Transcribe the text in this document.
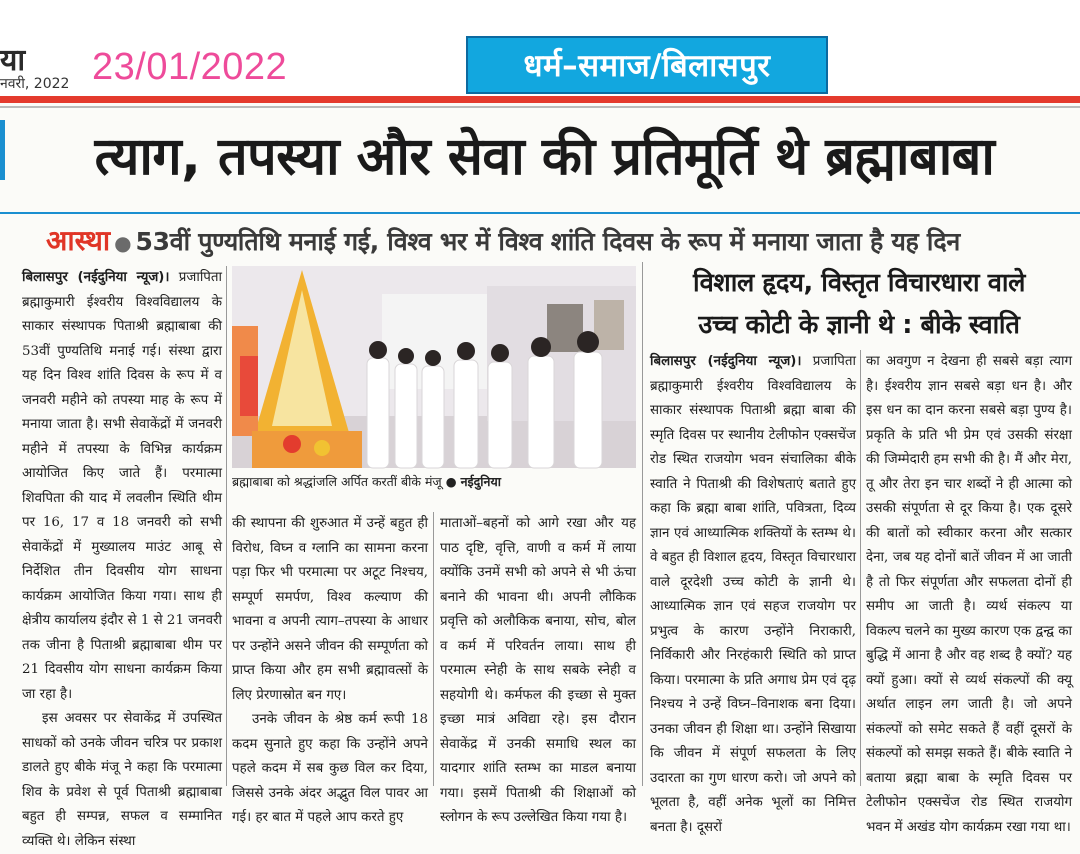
या
नवरी, 2022 23/01/2022	धर्म–समाज/बिलासपुर
त्याग, तपस्या और सेवा की प्रतिमूर्ति थे ब्रह्माबाबा
आस्था ● 53वीं पुण्यतिथि मनाई गई, विश्व भर में विश्व शांति दिवस के रूप में मनाया जाता है यह दिन

बिलासपुर (नईदुनिया न्यूज)। प्रजापिता ब्रह्माकुमारी ईश्वरीय विश्वविद्यालय के साकार संस्थापक पिताश्री ब्रह्माबाबा की 53वीं पुण्यतिथि मनाई गई। संस्था द्वारा यह दिन विश्व शांति दिवस के रूप में व जनवरी महीने को तपस्या माह के रूप में मनाया जाता है। सभी सेवाकेंद्रों में जनवरी महीने में तपस्या के विभिन्न कार्यक्रम आयोजित किए जाते हैं। परमात्मा शिवपिता की याद में लवलीन स्थिति थीम पर 16, 17 व 18 जनवरी को सभी सेवाकेंद्रों में मुख्यालय माउंट आबू से निर्देशित तीन दिवसीय योग साधना कार्यक्रम आयोजित किया गया। साथ ही क्षेत्रीय कार्यालय इंदौर से 1 से 21 जनवरी तक जीना है पिताश्री ब्रह्माबाबा थीम पर 21 दिवसीय योग साधना कार्यक्रम किया जा रहा है।

इस अवसर पर सेवाकेंद्र में उपस्थित साधकों को उनके जीवन चरित्र पर प्रकाश डालते हुए बीके मंजू ने कहा कि परमात्मा शिव के प्रवेश से पूर्व पिताश्री ब्रह्माबाबा बहुत ही सम्पन्न, सफल व सम्मानित व्यक्ति थे। लेकिन संस्था

ब्रह्माबाबा को श्रद्धांजलि अर्पित करतीं बीके मंजू ● नईदुनिया

की स्थापना की शुरुआत में उन्हें बहुत ही विरोध, विघ्न व ग्लानि का सामना करना पड़ा फिर भी परमात्मा पर अटूट निश्चय, सम्पूर्ण समर्पण, विश्व कल्याण की भावना व अपनी त्याग–तपस्या के आधार पर उन्होंने असने जीवन की सम्पूर्णता को प्राप्त किया और हम सभी ब्रह्मावत्सों के लिए प्रेरणास्रोत बन गए।

उनके जीवन के श्रेष्ठ कर्म रूपी 18 कदम सुनाते हुए कहा कि उन्होंने अपने पहले कदम में सब कुछ विल कर दिया, जिससे उनके अंदर अद्भुत विल पावर आ गई। हर बात में पहले आप करते हुए

माताओं–बहनों को आगे रखा और यह पाठ दृष्टि, वृत्ति, वाणी व कर्म में लाया क्योंकि उनमें सभी को अपने से भी ऊंचा बनाने की भावना थी। अपनी लौकिक प्रवृत्ति को अलौकिक बनाया, सोच, बोल व कर्म में परिवर्तन लाया। साथ ही परमात्म स्नेही के साथ सबके स्नेही व सहयोगी थे। कर्मफल की इच्छा से मुक्त इच्छा मात्रं अविद्या रहे। इस दौरान सेवाकेंद्र में उनकी समाधि स्थल का यादगार शांति स्तम्भ का माडल बनाया गया। इसमें पिताश्री की शिक्षाओं को स्लोगन के रूप उल्लेखित किया गया है।

विशाल हृदय, विस्तृत विचारधारा वाले
उच्च कोटी के ज्ञानी थे : बीके स्वाति

बिलासपुर (नईदुनिया न्यूज)। प्रजापिता ब्रह्माकुमारी ईश्वरीय विश्वविद्यालय के साकार संस्थापक पिताश्री ब्रह्मा बाबा की स्मृति दिवस पर स्थानीय टेलीफोन एक्सचेंज रोड स्थित राजयोग भवन संचालिका बीके स्वाति ने पिताश्री की विशेषताएं बताते हुए कहा कि ब्रह्मा बाबा शांति, पवित्रता, दिव्य ज्ञान एवं आध्यात्मिक शक्तियों के स्तम्भ थे। वे बहुत ही विशाल हृदय, विस्तृत विचारधारा वाले दूरदेशी उच्च कोटी के ज्ञानी थे। आध्यात्मिक ज्ञान एवं सहज राजयोग पर प्रभुत्व के कारण उन्होंने निराकारी, निर्विकारी और निरहंकारी स्थिति को प्राप्त किया। परमात्मा के प्रति अगाध प्रेम एवं दृढ़ निश्चय ने उन्हें विघ्न–विनाशक बना दिया। उनका जीवन ही शिक्षा था। उन्होंने सिखाया कि जीवन में संपूर्ण सफलता के लिए उदारता का गुण धारण करो। जो अपने को भूलता है, वहीं अनेक भूलों का निमित्त बनता है। दूसरों

का अवगुण न देखना ही सबसे बड़ा त्याग है। ईश्वरीय ज्ञान सबसे बड़ा धन है। और इस धन का दान करना सबसे बड़ा पुण्य है। प्रकृति के प्रति भी प्रेम एवं उसकी संरक्षा की जिम्मेदारी हम सभी की है। मैं और मेरा, तू और तेरा इन चार शब्दों ने ही आत्मा को उसकी संपूर्णता से दूर किया है। एक दूसरे की बातों को स्वीकार करना और सत्कार देना, जब यह दोनों बातें जीवन में आ जाती है तो फिर संपूर्णता और सफलता दोनों ही समीप आ जाती है। व्यर्थ संकल्प या विकल्प चलने का मुख्य कारण एक द्वन्द्व का बुद्धि में आना है और वह शब्द है क्यों? यह क्यों हुआ। क्यों से व्यर्थ संकल्पों की क्यू अर्थात लाइन लग जाती है। जो अपने संकल्पों को समेट सकते हैं वहीं दूसरों के संकल्पों को समझ सकते हैं। बीके स्वाति ने बताया ब्रह्मा बाबा के स्मृति दिवस पर टेलीफोन एक्सचेंज रोड स्थित राजयोग भवन में अखंड योग कार्यक्रम रखा गया था।
